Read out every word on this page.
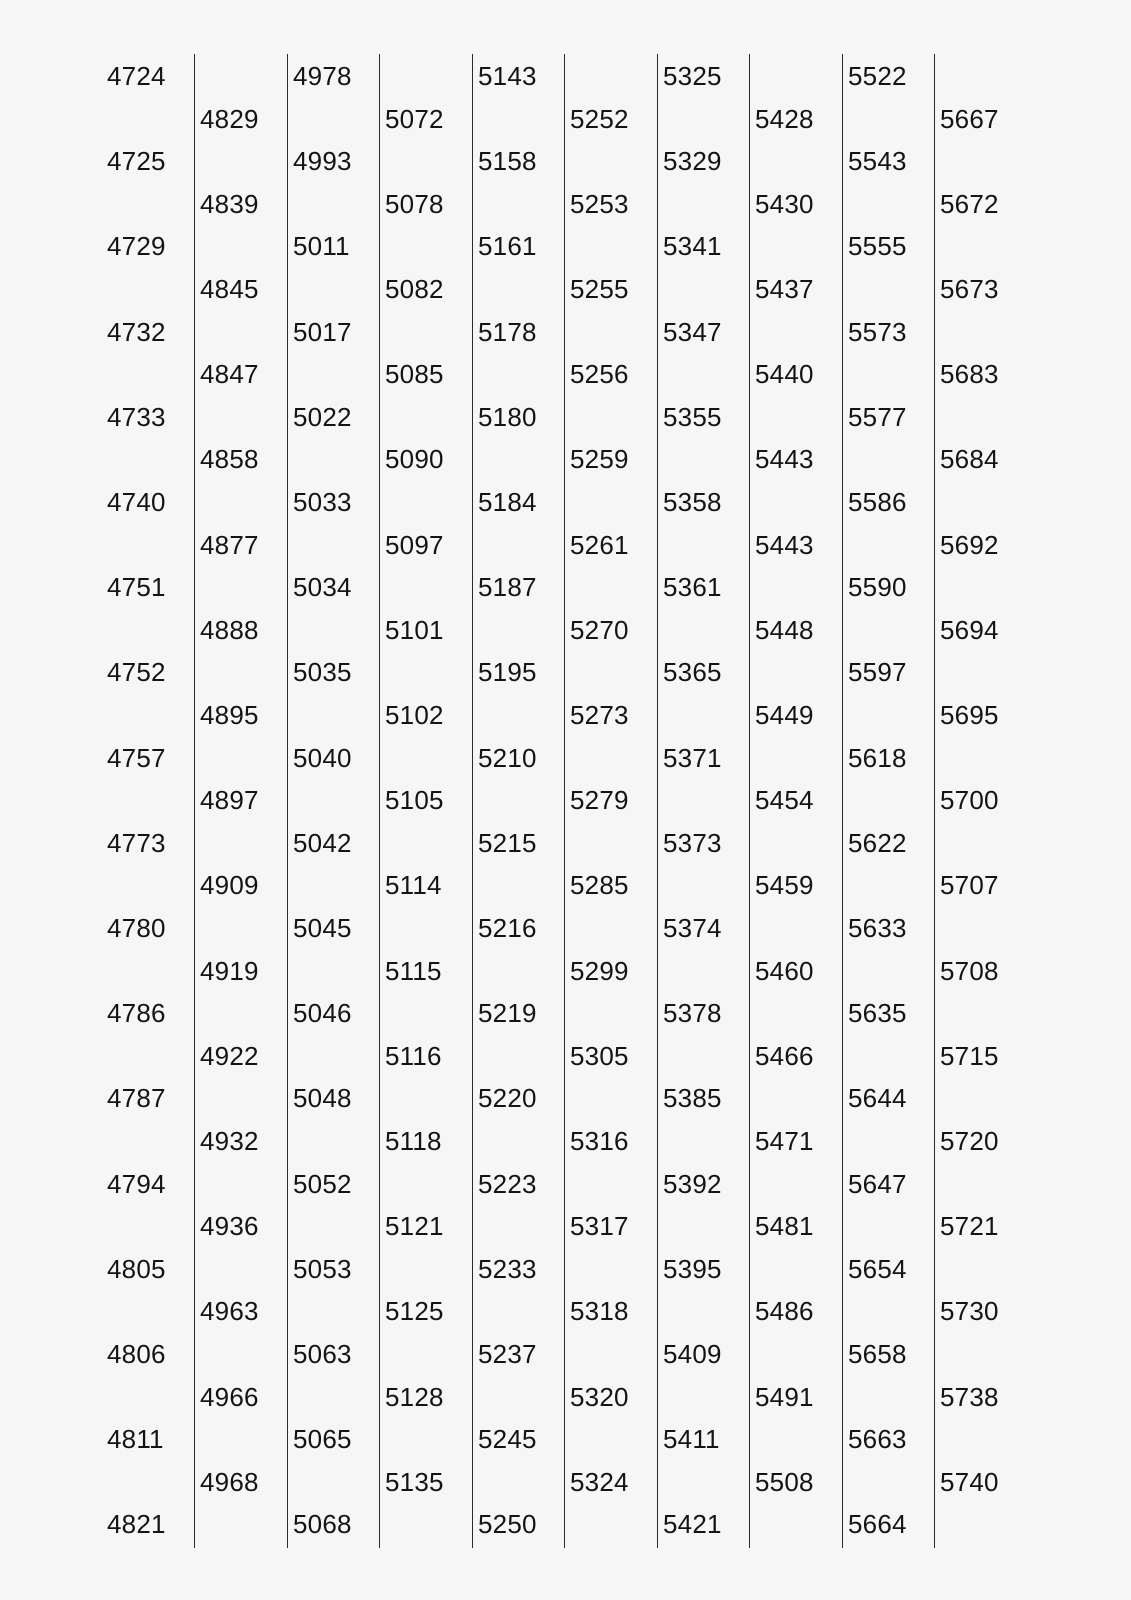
4724
4725
4729
4732
4733
4740
4751
4752
4757
4773
4780
4786
4787
4794
4805
4806
4811
4821
4829
4839
4845
4847
4858
4877
4888
4895
4897
4909
4919
4922
4932
4936
4963
4966
4968
4978
4993
5011
5017
5022
5033
5034
5035
5040
5042
5045
5046
5048
5052
5053
5063
5065
5068
5072
5078
5082
5085
5090
5097
5101
5102
5105
5114
5115
5116
5118
5121
5125
5128
5135
5143
5158
5161
5178
5180
5184
5187
5195
5210
5215
5216
5219
5220
5223
5233
5237
5245
5250
5252
5253
5255
5256
5259
5261
5270
5273
5279
5285
5299
5305
5316
5317
5318
5320
5324
5325
5329
5341
5347
5355
5358
5361
5365
5371
5373
5374
5378
5385
5392
5395
5409
5411
5421
5428
5430
5437
5440
5443
5443
5448
5449
5454
5459
5460
5466
5471
5481
5486
5491
5508
5522
5543
5555
5573
5577
5586
5590
5597
5618
5622
5633
5635
5644
5647
5654
5658
5663
5664
5667
5672
5673
5683
5684
5692
5694
5695
5700
5707
5708
5715
5720
5721
5730
5738
5740
